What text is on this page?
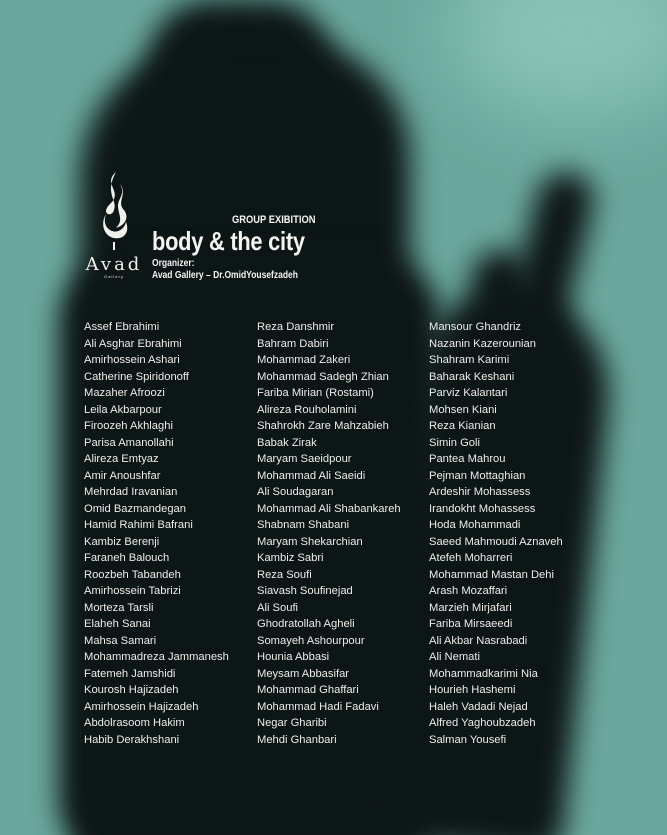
Avad
Gallery
GROUP EXIBITION
body & the city
Organizer:
Avad Gallery – Dr.OmidYousefzadeh
Assef Ebrahimi
Ali Asghar Ebrahimi
Amirhossein Ashari
Catherine Spiridonoff
Mazaher Afroozi
Leila Akbarpour
Firoozeh Akhlaghi
Parisa Amanollahi
Alireza Emtyaz
Amir Anoushfar
Mehrdad Iravanian
Omid Bazmandegan
Hamid Rahimi Bafrani
Kambiz Berenji
Faraneh Balouch
Roozbeh Tabandeh
Amirhossein Tabrizi
Morteza Tarsli
Elaheh Sanai
Mahsa Samari
Mohammadreza Jammanesh
Fatemeh Jamshidi
Kourosh Hajizadeh
Amirhossein Hajizadeh
Abdolrasoom Hakim
Habib Derakhshani
Reza Danshmir
Bahram Dabiri
Mohammad Zakeri
Mohammad Sadegh Zhian
Fariba Mirian (Rostami)
Alireza Rouholamini
Shahrokh Zare Mahzabieh
Babak Zirak
Maryam Saeidpour
Mohammad Ali Saeidi
Ali Soudagaran
Mohammad Ali Shabankareh
Shabnam Shabani
Maryam Shekarchian
Kambiz Sabri
Reza Soufi
Siavash Soufinejad
Ali Soufi
Ghodratollah Agheli
Somayeh Ashourpour
Hounia Abbasi
Meysam Abbasifar
Mohammad Ghaffari
Mohammad Hadi Fadavi
Negar Gharibi
Mehdi Ghanbari
Mansour Ghandriz
Nazanin Kazerounian
Shahram Karimi
Baharak Keshani
Parviz Kalantari
Mohsen Kiani
Reza Kianian
Simin Goli
Pantea Mahrou
Pejman Mottaghian
Ardeshir Mohassess
Irandokht Mohassess
Hoda Mohammadi
Saeed Mahmoudi Aznaveh
Atefeh Moharreri
Mohammad Mastan Dehi
Arash Mozaffari
Marzieh Mirjafari
Fariba Mirsaeedi
Ali Akbar Nasrabadi
Ali Nemati
Mohammadkarimi Nia
Hourieh Hashemi
Haleh Vadadi Nejad
Alfred Yaghoubzadeh
Salman Yousefi
